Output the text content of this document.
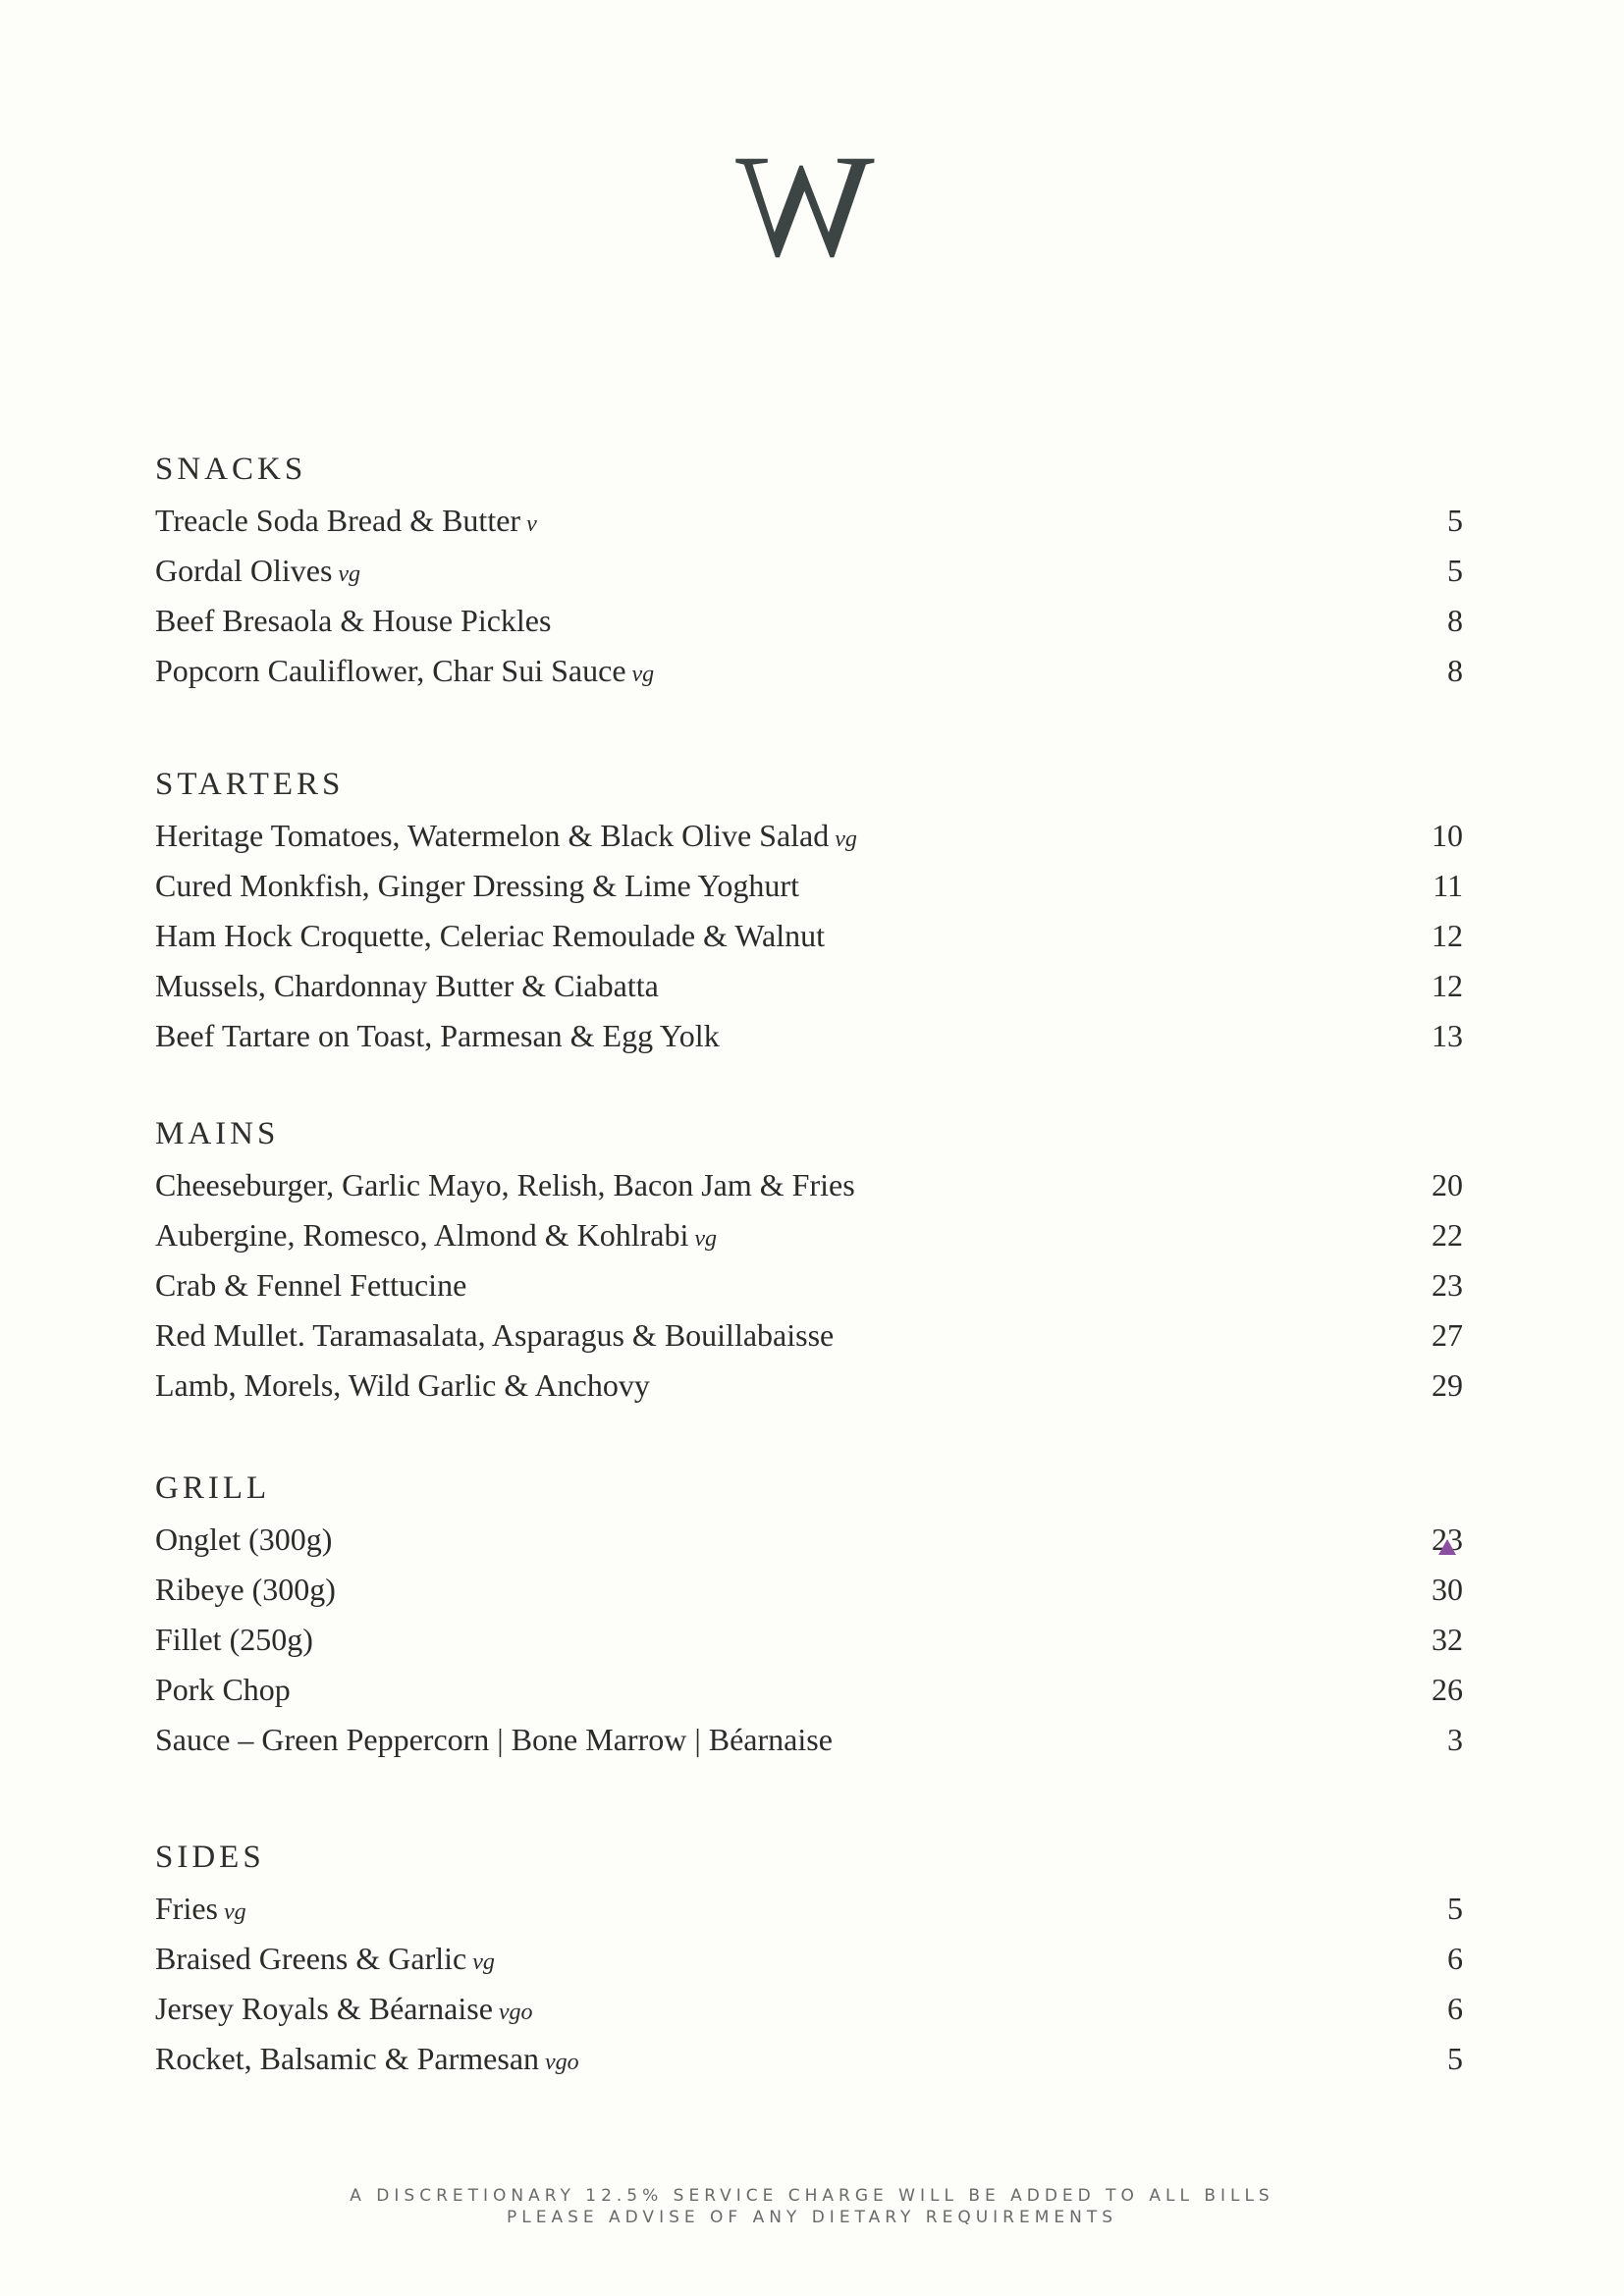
W
SNACKS
Treacle Soda Bread & Butter v	5
Gordal Olives vg	5
Beef Bresaola & House Pickles	8
Popcorn Cauliflower, Char Sui Sauce vg	8
STARTERS
Heritage Tomatoes, Watermelon & Black Olive Salad vg	10
Cured Monkfish, Ginger Dressing & Lime Yoghurt	11
Ham Hock Croquette, Celeriac Remoulade & Walnut	12
Mussels, Chardonnay Butter & Ciabatta	12
Beef Tartare on Toast, Parmesan & Egg Yolk	13
MAINS
Cheeseburger, Garlic Mayo, Relish, Bacon Jam & Fries	20
Aubergine, Romesco, Almond & Kohlrabi vg	22
Crab & Fennel Fettucine	23
Red Mullet. Taramasalata, Asparagus & Bouillabaisse	27
Lamb, Morels, Wild Garlic & Anchovy	29
GRILL
Onglet (300g)	23
Ribeye (300g)	30
Fillet (250g)	32
Pork Chop	26
Sauce – Green Peppercorn | Bone Marrow | Béarnaise	3
SIDES
Fries vg	5
Braised Greens & Garlic vg	6
Jersey Royals & Béarnaise vgo	6
Rocket, Balsamic & Parmesan vgo	5
A DISCRETIONARY 12.5% SERVICE CHARGE WILL BE ADDED TO ALL BILLS
PLEASE ADVISE OF ANY DIETARY REQUIREMENTS
